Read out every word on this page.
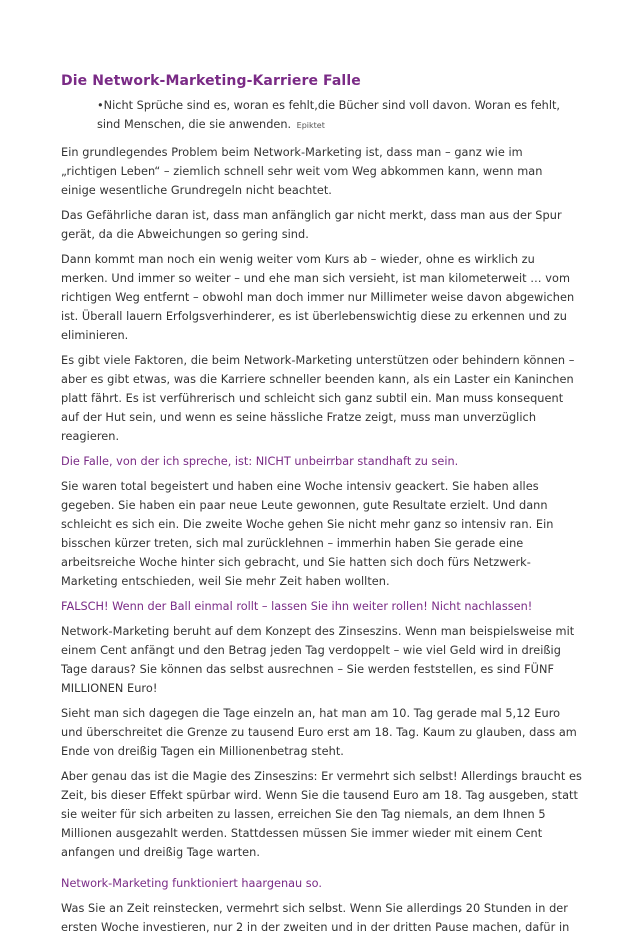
Die Network-Marketing-Karriere Falle
•Nicht Sprüche sind es, woran es fehlt,die Bücher sind voll davon. Woran es fehlt,
sind Menschen, die sie anwenden. Epiktet

Ein grundlegendes Problem beim Network-Marketing ist, dass man – ganz wie im
„richtigen Leben“ – ziemlich schnell sehr weit vom Weg abkommen kann, wenn man
einige wesentliche Grundregeln nicht beachtet.

Das Gefährliche daran ist, dass man anfänglich gar nicht merkt, dass man aus der Spur
gerät, da die Abweichungen so gering sind.

Dann kommt man noch ein wenig weiter vom Kurs ab – wieder, ohne es wirklich zu
merken. Und immer so weiter – und ehe man sich versieht, ist man kilometerweit … vom
richtigen Weg entfernt – obwohl man doch immer nur Millimeter weise davon abgewichen
ist. Überall lauern Erfolgsverhinderer, es ist überlebenswichtig diese zu erkennen und zu
eliminieren.

Es gibt viele Faktoren, die beim Network-Marketing unterstützen oder behindern können –
aber es gibt etwas, was die Karriere schneller beenden kann, als ein Laster ein Kaninchen
platt fährt. Es ist verführerisch und schleicht sich ganz subtil ein. Man muss konsequent
auf der Hut sein, und wenn es seine hässliche Fratze zeigt, muss man unverzüglich
reagieren.

Die Falle, von der ich spreche, ist: NICHT unbeirrbar standhaft zu sein.

Sie waren total begeistert und haben eine Woche intensiv geackert. Sie haben alles
gegeben. Sie haben ein paar neue Leute gewonnen, gute Resultate erzielt. Und dann
schleicht es sich ein. Die zweite Woche gehen Sie nicht mehr ganz so intensiv ran. Ein
bisschen kürzer treten, sich mal zurücklehnen – immerhin haben Sie gerade eine
arbeitsreiche Woche hinter sich gebracht, und Sie hatten sich doch fürs Netzwerk-
Marketing entschieden, weil Sie mehr Zeit haben wollten.

FALSCH! Wenn der Ball einmal rollt – lassen Sie ihn weiter rollen! Nicht nachlassen!

Network-Marketing beruht auf dem Konzept des Zinseszins. Wenn man beispielsweise mit
einem Cent anfängt und den Betrag jeden Tag verdoppelt – wie viel Geld wird in dreißig
Tage daraus? Sie können das selbst ausrechnen – Sie werden feststellen, es sind FÜNF
MILLIONEN Euro!

Sieht man sich dagegen die Tage einzeln an, hat man am 10. Tag gerade mal 5,12 Euro
und überschreitet die Grenze zu tausend Euro erst am 18. Tag. Kaum zu glauben, dass am
Ende von dreißig Tagen ein Millionenbetrag steht.

Aber genau das ist die Magie des Zinseszins: Er vermehrt sich selbst! Allerdings braucht es
Zeit, bis dieser Effekt spürbar wird. Wenn Sie die tausend Euro am 18. Tag ausgeben, statt
sie weiter für sich arbeiten zu lassen, erreichen Sie den Tag niemals, an dem Ihnen 5
Millionen ausgezahlt werden. Stattdessen müssen Sie immer wieder mit einem Cent
anfangen und dreißig Tage warten.

Network-Marketing funktioniert haargenau so.

Was Sie an Zeit reinstecken, vermehrt sich selbst. Wenn Sie allerdings 20 Stunden in der
ersten Woche investieren, nur 2 in der zweiten und in der dritten Pause machen, dafür in
